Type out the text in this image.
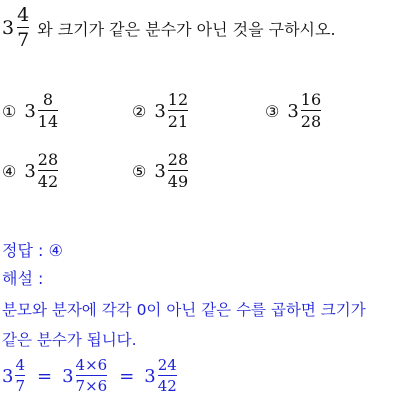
$3 \frac{4}{7}$ 와 크기가 같은 분수가 아닌 것을 구하시오.
① $3 \frac{8}{14}$	② $3 \frac{12}{21}$	③ $3 \frac{16}{28}$
④ $3 \frac{28}{42}$	⑤ $3 \frac{28}{49}$
정답 : ④
해설 :
분모와 분자에 각각 0이 아닌 같은 수를 곱하면 크기가
같은 분수가 됩니다.
$3 \frac{4}{7} = 3 \frac{4\times 6}{7\times 6} = 3 \frac{24}{42}$
